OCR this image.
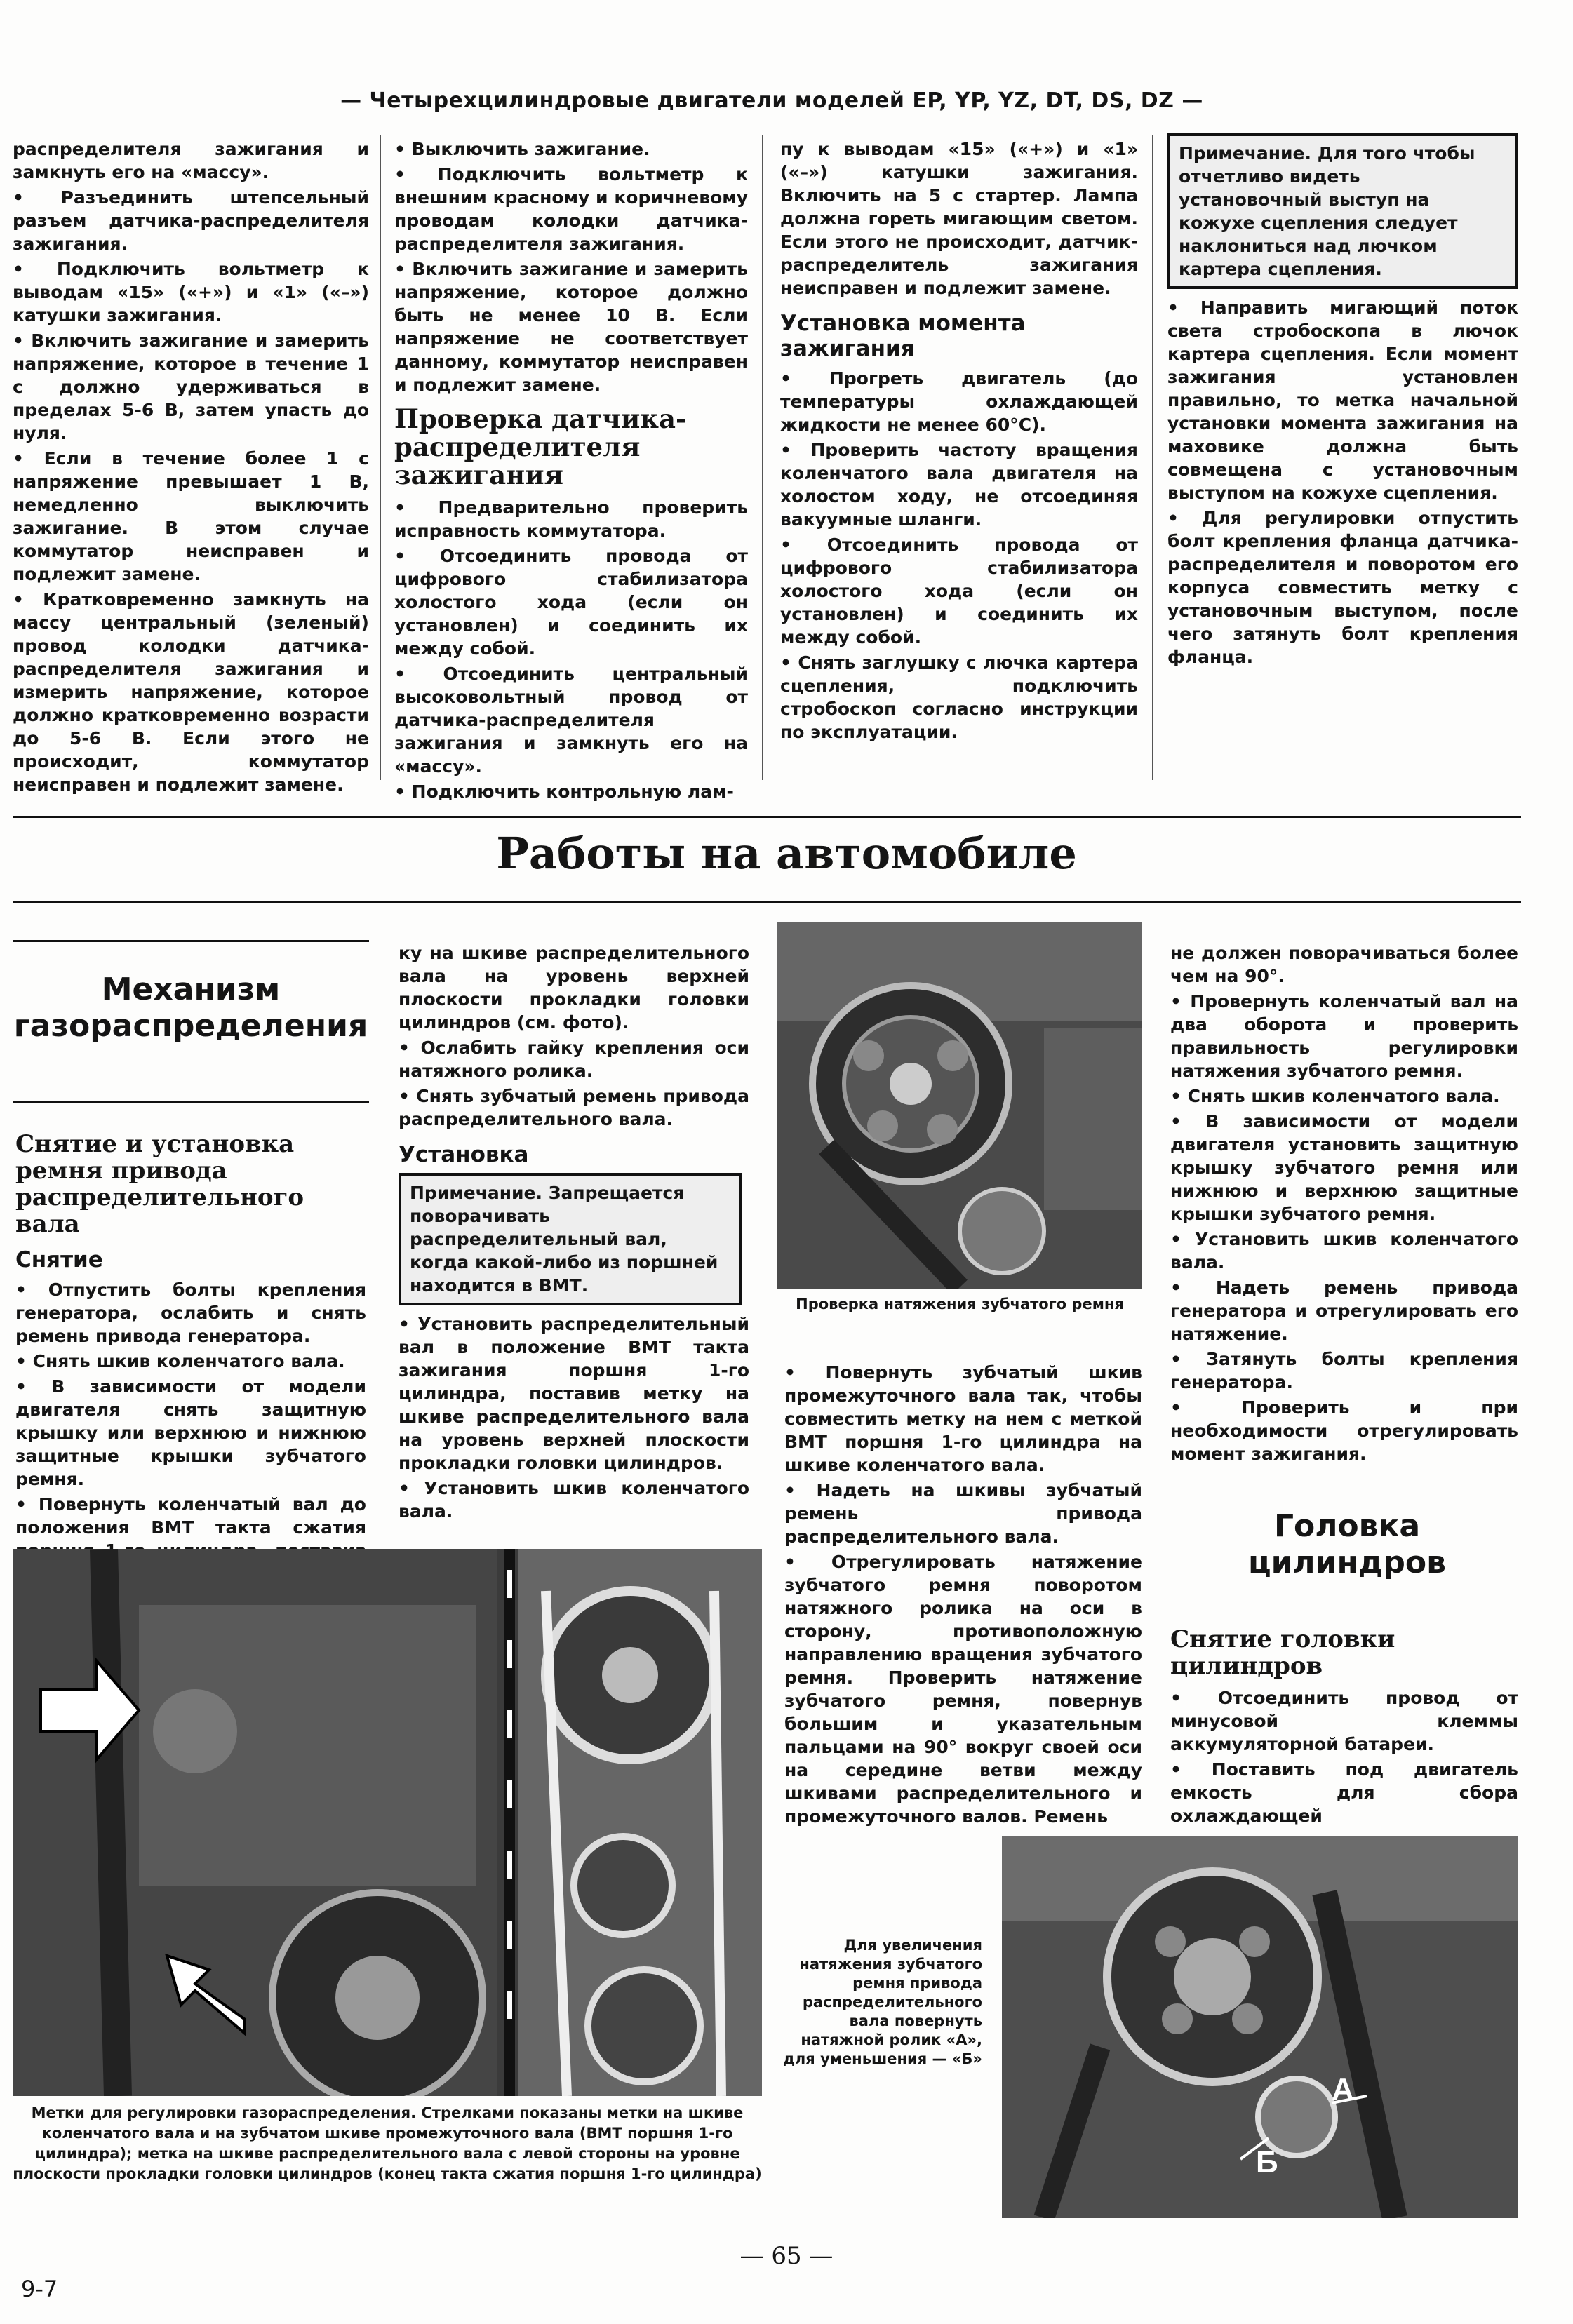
— Четырехцилиндровые двигатели моделей EP, YP, YZ, DT, DS, DZ —

распределителя зажигания и замкнуть его на «массу».

• Разъединить штепсельный разъем датчика-распределителя зажигания.

• Подключить вольтметр к выводам «15» («+») и «1» («–») катушки зажигания.

• Включить зажигание и замерить напряжение, которое в течение 1 с должно удерживаться в пределах 5-6 В, затем упасть до нуля.

• Если в течение более 1 с напряжение превышает 1 В, немедленно выключить зажигание. В этом случае коммутатор неисправен и подлежит замене.

• Кратковременно замкнуть на массу центральный (зеленый) провод колодки датчика-распределителя зажигания и измерить напряжение, которое должно кратковременно возрасти до 5-6 В. Если этого не происходит, коммутатор неисправен и подлежит замене.

• Выключить зажигание.

• Подключить вольтметр к внешним красному и коричневому проводам колодки датчика-распределителя зажигания.

• Включить зажигание и замерить напряжение, которое должно быть не менее 10 В. Если напряжение не соответствует данному, коммутатор неисправен и подлежит замене.

Проверка датчика-распределителя зажигания

• Предварительно проверить исправность коммутатора.

• Отсоединить провода от цифрового стабилизатора холостого хода (если он установлен) и соединить их между собой.

• Отсоединить центральный высоковольтный провод от датчика-распределителя зажигания и замкнуть его на «массу».

• Подключить контрольную лам-

пу к выводам «15» («+») и «1» («–») катушки зажигания. Включить на 5 с стартер. Лампа должна гореть мигающим светом. Если этого не происходит, датчик-распределитель зажигания неисправен и подлежит замене.

Установка момента зажигания

• Прогреть двигатель (до температуры охлаждающей жидкости не менее 60°С).

• Проверить частоту вращения коленчатого вала двигателя на холостом ходу, не отсоединяя вакуумные шланги.

• Отсоединить провода от цифрового стабилизатора холостого хода (если он установлен) и соединить их между собой.

• Снять заглушку с лючка картера сцепления, подключить стробоскоп согласно инструкции по эксплуатации.

Примечание. Для того чтобы отчетливо видеть установочный выступ на кожухе сцепления следует наклониться над лючком картера сцепления.

• Направить мигающий поток света стробоскопа в лючок картера сцепления. Если момент зажигания установлен правильно, то метка начальной установки момента зажигания на маховике должна быть совмещена с установочным выступом на кожухе сцепления.

• Для регулировки отпустить болт крепления фланца датчика-распределителя и поворотом его корпуса совместить метку с установочным выступом, после чего затянуть болт крепления фланца.

Работы на автомобиле
Механизм газораспределения
Снятие и установка ремня привода распределительного вала
Снятие

• Отпустить болты крепления генератора, ослабить и снять ремень привода генератора.

• Снять шкив коленчатого вала.

• В зависимости от модели двигателя снять защитную крышку или верхнюю и нижнюю защитные крышки зубчатого ремня.

• Повернуть коленчатый вал до положения ВМТ такта сжатия

ку на шкиве распределительного вала на уровень верхней плоскости прокладки головки цилиндров (см. фото).

• Ослабить гайку крепления оси натяжного ролика.

• Снять зубчатый ремень привода распределительного вала.

Установка
Примечание. Запрещается поворачивать распределительный вал, когда какой-либо из поршней находится в ВМТ.

• Установить распределительный вал в положение ВМТ такта зажигания поршня 1-го цилиндра, поставив метку на шкиве распределительного вала на уровень верхней плоскости прокладки головки цилиндров.

• Установить шкив коленчатого вала.

Проверка натяжения зубчатого ремня

• Повернуть зубчатый шкив промежуточного вала так, чтобы совместить метку на нем с меткой ВМТ поршня 1-го цилиндра на шкиве коленчатого вала.

• Надеть на шкивы зубчатый ремень привода распределительного вала.

• Отрегулировать натяжение зубчатого ремня поворотом натяжного ролика на оси в сторону, противоположную направлению вращения зубчатого ремня. Проверить натяжение зубчатого ремня, повернув большим и указательным пальцами на 90° вокруг своей оси на середине ветви между шкивами распределительного и промежуточного валов. Ремень

не должен поворачиваться более чем на 90°.

• Провернуть коленчатый вал на два оборота и проверить правильность регулировки натяжения зубчатого ремня.

• Снять шкив коленчатого вала.

• В зависимости от модели двигателя установить защитную крышку зубчатого ремня или нижнюю и верхнюю защитные крышки зубчатого ремня.

• Установить шкив коленчатого вала.

• Надеть ремень привода генератора и отрегулировать его натяжение.

• Затянуть болты крепления генератора.

• Проверить и при необходимости отрегулировать момент зажигания.

Головка цилиндров
Снятие головки цилиндров

• Отсоединить провод от минусовой клеммы аккумуляторной батареи.

• Поставить под двигатель емкость для сбора охлаждающей

Метки для регулировки газораспределения. Стрелками показаны метки на шкиве коленчатого вала и на зубчатом шкиве промежуточного вала (ВМТ поршня 1-го цилиндра); метка на шкиве распределительного вала с левой стороны на уровне плоскости прокладки головки цилиндров (конец такта сжатия поршня 1-го цилиндра)
Для увеличения натяжения зубчатого ремня привода распределительного вала повернуть натяжной ролик «А», для уменьшения — «Б»
А
Б
— 65 —
9-7
